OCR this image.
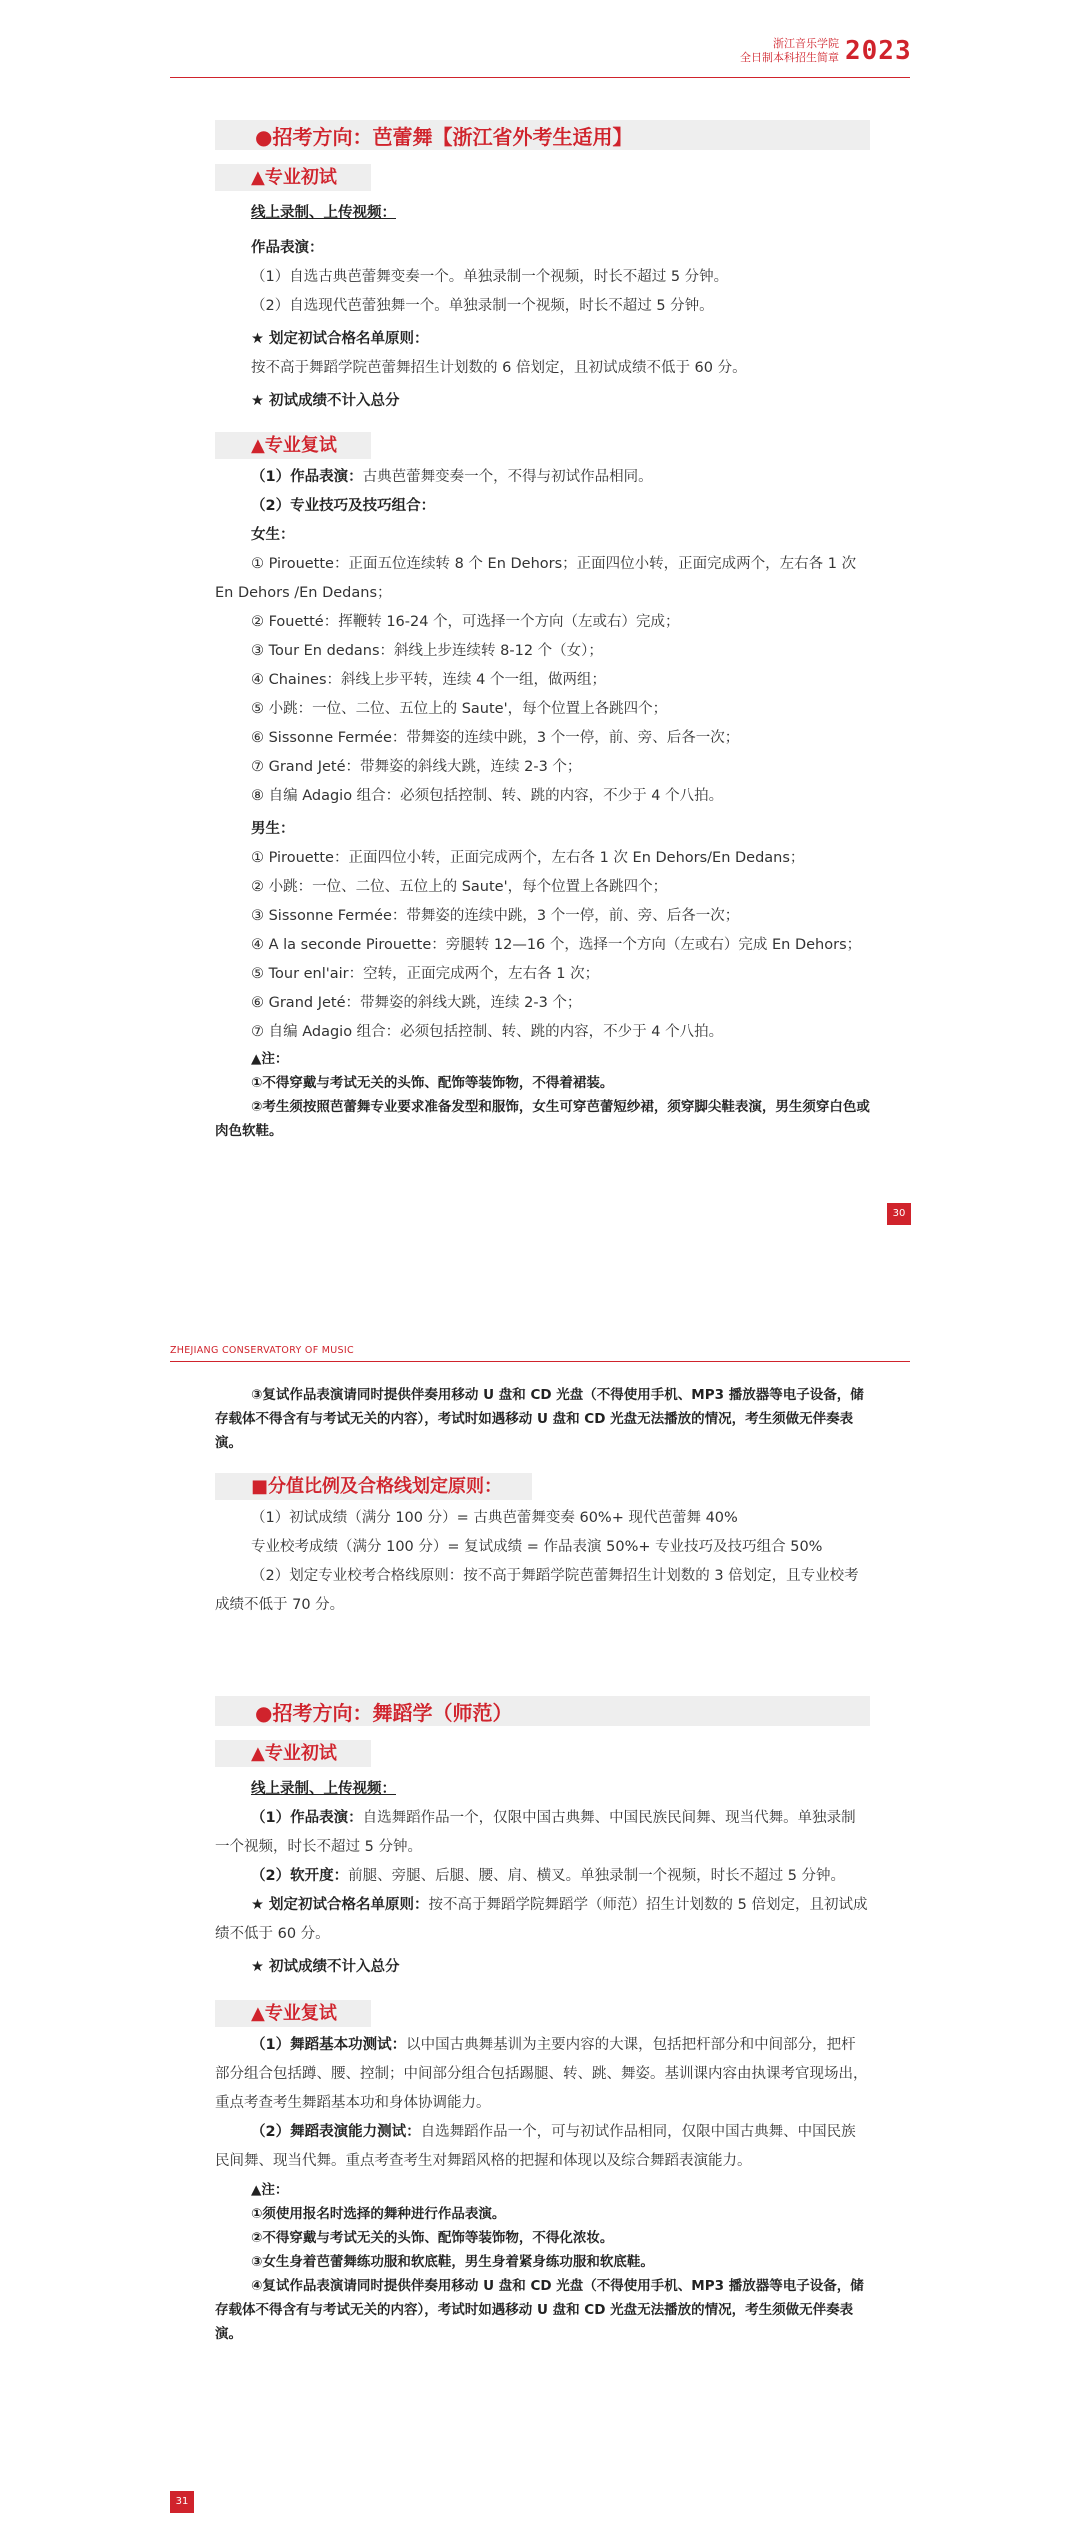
浙江音乐学院
全日制本科招生简章 2023
●招考方向：芭蕾舞【浙江省外考生适用】
▲专业初试
线上录制、上传视频：
作品表演：
（1）自选古典芭蕾舞变奏一个。单独录制一个视频，时长不超过 5 分钟。
（2）自选现代芭蕾独舞一个。单独录制一个视频，时长不超过 5 分钟。
★ 划定初试合格名单原则：
按不高于舞蹈学院芭蕾舞招生计划数的 6 倍划定，且初试成绩不低于 60 分。
★ 初试成绩不计入总分
▲专业复试
（1）作品表演：古典芭蕾舞变奏一个，不得与初试作品相同。
（2）专业技巧及技巧组合：
女生：
① Pirouette：正面五位连续转 8 个 En Dehors；正面四位小转，正面完成两个，左右各 1 次 En Dehors /En Dedans；
② Fouetté：挥鞭转 16-24 个，可选择一个方向（左或右）完成；
③ Tour En dedans：斜线上步连续转 8-12 个（女）；
④ Chaines：斜线上步平转，连续 4 个一组，做两组；
⑤ 小跳：一位、二位、五位上的 Saute'，每个位置上各跳四个；
⑥ Sissonne Fermée：带舞姿的连续中跳，3 个一停，前、旁、后各一次；
⑦ Grand Jeté：带舞姿的斜线大跳，连续 2-3 个；
⑧ 自编 Adagio 组合：必须包括控制、转、跳的内容，不少于 4 个八拍。
男生：
① Pirouette：正面四位小转，正面完成两个，左右各 1 次 En Dehors/En Dedans；
② 小跳：一位、二位、五位上的 Saute'，每个位置上各跳四个；
③ Sissonne Fermée：带舞姿的连续中跳，3 个一停，前、旁、后各一次；
④ A la seconde Pirouette：旁腿转 12—16 个，选择一个方向（左或右）完成 En Dehors；
⑤ Tour enl'air：空转，正面完成两个，左右各 1 次；
⑥ Grand Jeté：带舞姿的斜线大跳，连续 2-3 个；
⑦ 自编 Adagio 组合：必须包括控制、转、跳的内容，不少于 4 个八拍。
▲注：
①不得穿戴与考试无关的头饰、配饰等装饰物，不得着裙装。
②考生须按照芭蕾舞专业要求准备发型和服饰，女生可穿芭蕾短纱裙，须穿脚尖鞋表演，男生须穿白色或肉色软鞋。
30
ZHEJIANG CONSERVATORY OF MUSIC
③复试作品表演请同时提供伴奏用移动 U 盘和 CD 光盘（不得使用手机、MP3 播放器等电子设备，储存载体不得含有与考试无关的内容），考试时如遇移动 U 盘和 CD 光盘无法播放的情况，考生须做无伴奏表演。
■分值比例及合格线划定原则：
（1）初试成绩（满分 100 分）= 古典芭蕾舞变奏 60%+ 现代芭蕾舞 40%
专业校考成绩（满分 100 分）= 复试成绩 = 作品表演 50%+ 专业技巧及技巧组合 50%
（2）划定专业校考合格线原则：按不高于舞蹈学院芭蕾舞招生计划数的 3 倍划定，且专业校考成绩不低于 70 分。
●招考方向：舞蹈学（师范）
▲专业初试
线上录制、上传视频：
（1）作品表演：自选舞蹈作品一个，仅限中国古典舞、中国民族民间舞、现当代舞。单独录制一个视频，时长不超过 5 分钟。
（2）软开度：前腿、旁腿、后腿、腰、肩、横叉。单独录制一个视频，时长不超过 5 分钟。
★ 划定初试合格名单原则：按不高于舞蹈学院舞蹈学（师范）招生计划数的 5 倍划定，且初试成绩不低于 60 分。
★ 初试成绩不计入总分
▲专业复试
（1）舞蹈基本功测试：以中国古典舞基训为主要内容的大课，包括把杆部分和中间部分，把杆部分组合包括蹲、腰、控制；中间部分组合包括踢腿、转、跳、舞姿。基训课内容由执课考官现场出，重点考查考生舞蹈基本功和身体协调能力。
（2）舞蹈表演能力测试：自选舞蹈作品一个，可与初试作品相同，仅限中国古典舞、中国民族民间舞、现当代舞。重点考查考生对舞蹈风格的把握和体现以及综合舞蹈表演能力。
▲注：
①须使用报名时选择的舞种进行作品表演。
②不得穿戴与考试无关的头饰、配饰等装饰物，不得化浓妆。
③女生身着芭蕾舞练功服和软底鞋，男生身着紧身练功服和软底鞋。
④复试作品表演请同时提供伴奏用移动 U 盘和 CD 光盘（不得使用手机、MP3 播放器等电子设备，储存载体不得含有与考试无关的内容），考试时如遇移动 U 盘和 CD 光盘无法播放的情况，考生须做无伴奏表演。
31
